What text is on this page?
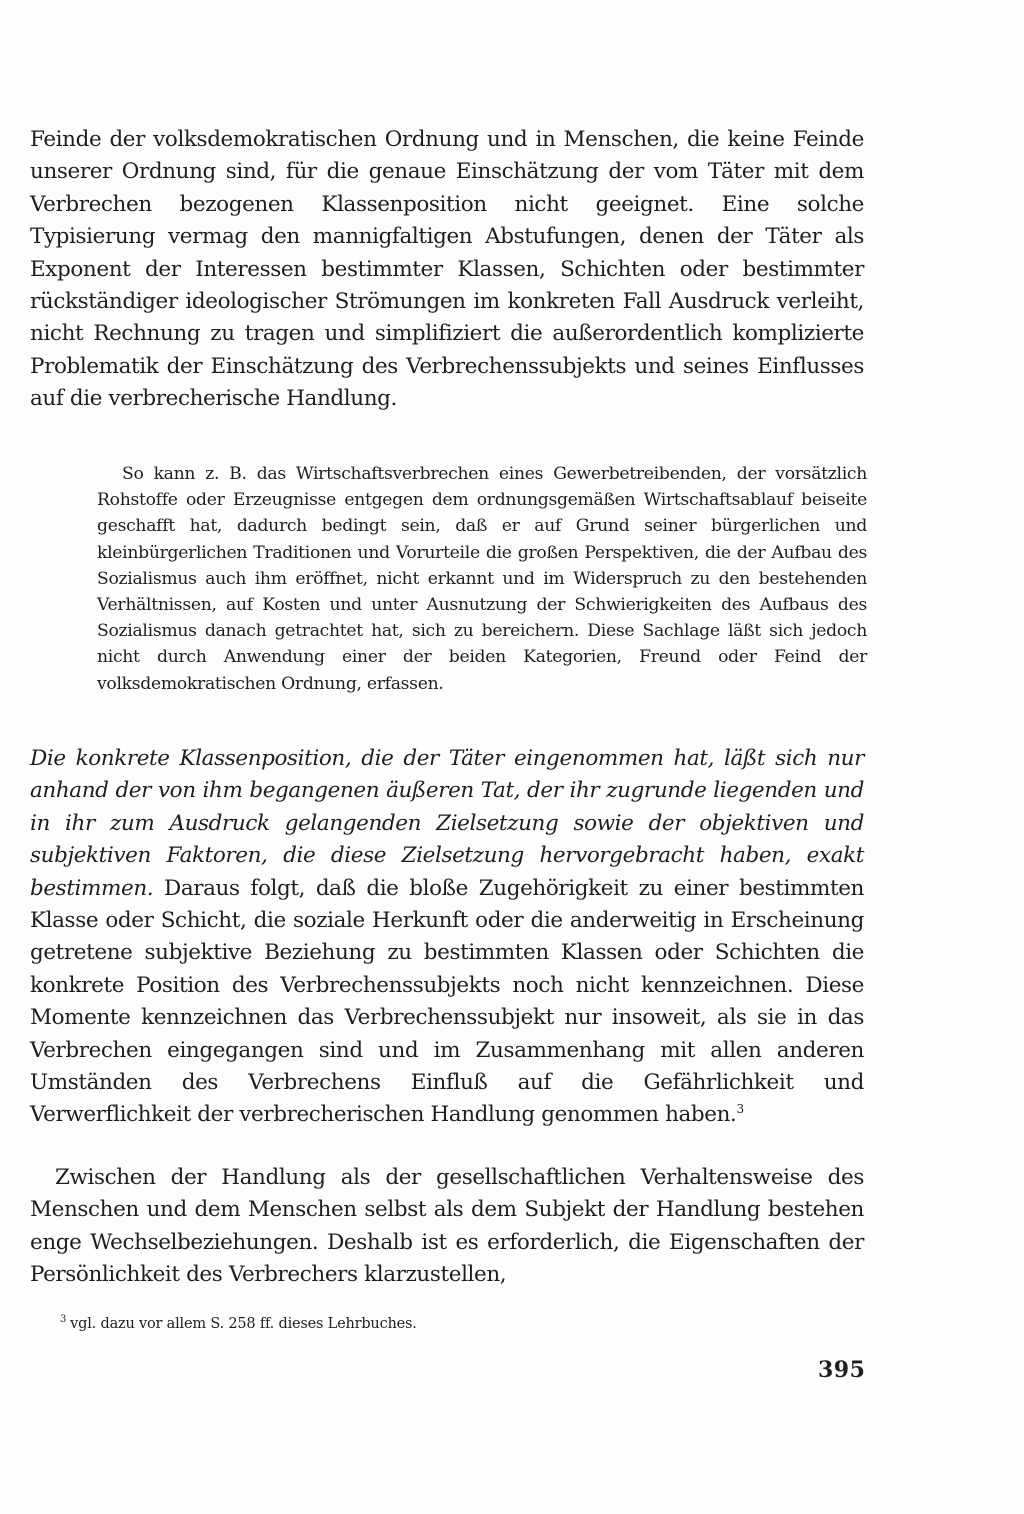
Feinde der volksdemokratischen Ordnung und in Menschen, die keine Feinde unserer Ordnung sind, für die genaue Einschätzung der vom Täter mit dem Verbrechen bezogenen Klassenposition nicht geeignet. Eine solche Typisierung vermag den mannigfaltigen Abstufungen, denen der Täter als Exponent der Interessen bestimmter Klassen, Schichten oder bestimmter rückständiger ideologischer Strömungen im konkreten Fall Ausdruck verleiht, nicht Rechnung zu tragen und simplifiziert die außerordentlich komplizierte Problematik der Einschätzung des Verbrechenssubjekts und seines Einflusses auf die verbrecherische Handlung.

So kann z. B. das Wirtschaftsverbrechen eines Gewerbetreibenden, der vorsätzlich Rohstoffe oder Erzeugnisse entgegen dem ordnungsgemäßen Wirtschaftsablauf beiseite geschafft hat, dadurch bedingt sein, daß er auf Grund seiner bürgerlichen und kleinbürgerlichen Traditionen und Vorurteile die großen Perspektiven, die der Aufbau des Sozialismus auch ihm eröffnet, nicht erkannt und im Widerspruch zu den bestehenden Verhältnissen, auf Kosten und unter Ausnutzung der Schwierigkeiten des Aufbaus des Sozialismus danach getrachtet hat, sich zu bereichern. Diese Sachlage läßt sich jedoch nicht durch Anwendung einer der beiden Kategorien, Freund oder Feind der volksdemokratischen Ordnung, erfassen.

Die konkrete Klassenposition, die der Täter eingenommen hat, läßt sich nur anhand der von ihm begangenen äußeren Tat, der ihr zugrunde liegenden und in ihr zum Ausdruck gelangenden Zielsetzung sowie der objektiven und subjektiven Faktoren, die diese Zielsetzung hervorgebracht haben, exakt bestimmen. Daraus folgt, daß die bloße Zugehörigkeit zu einer bestimmten Klasse oder Schicht, die soziale Herkunft oder die anderweitig in Erscheinung getretene subjektive Beziehung zu bestimmten Klassen oder Schichten die konkrete Position des Verbrechenssubjekts noch nicht kennzeichnen. Diese Momente kennzeichnen das Verbrechenssubjekt nur insoweit, als sie in das Verbrechen eingegangen sind und im Zusammenhang mit allen anderen Umständen des Verbrechens Einfluß auf die Gefährlichkeit und Verwerflichkeit der verbrecherischen Handlung genommen haben.$^3$

Zwischen der Handlung als der gesellschaftlichen Verhaltensweise des Menschen und dem Menschen selbst als dem Subjekt der Handlung bestehen enge Wechselbeziehungen. Deshalb ist es erforderlich, die Eigenschaften der Persönlichkeit des Verbrechers klarzustellen,

$^3$ vgl. dazu vor allem S. 258 ff. dieses Lehrbuches.

395
